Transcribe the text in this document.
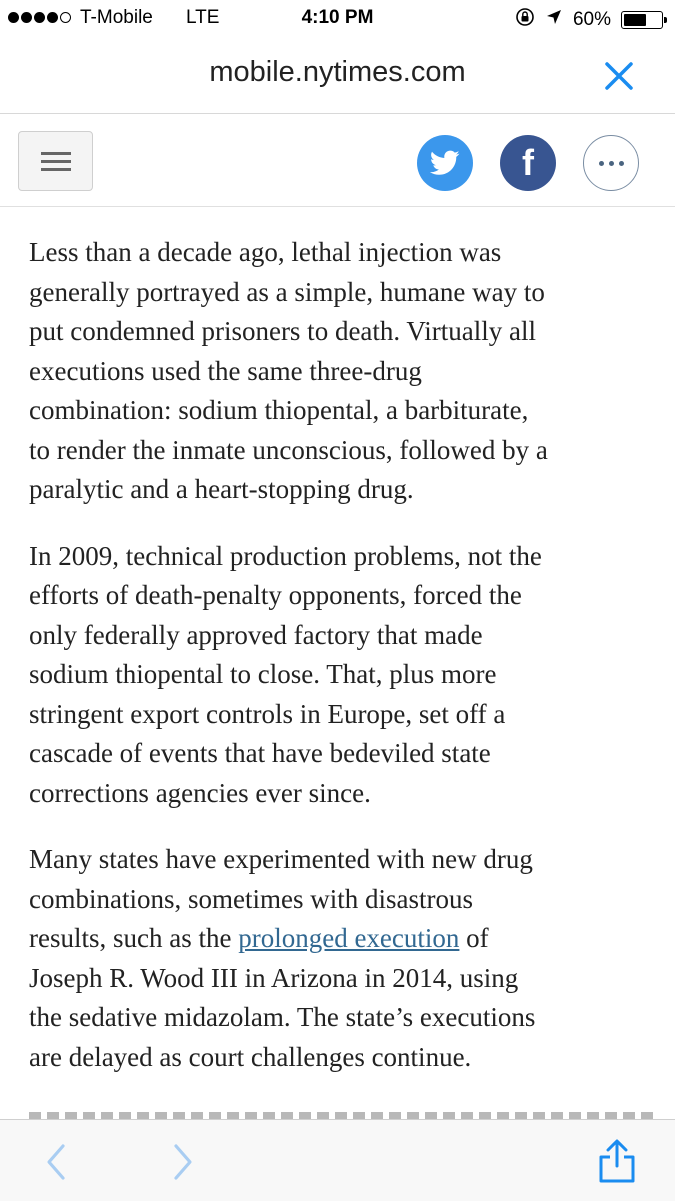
T-Mobile LTE	4:10 PM	60%
mobile.nytimes.com
f

Less than a decade ago, lethal injection was
generally portrayed as a simple, humane way to
put condemned prisoners to death. Virtually all
executions used the same three-drug
combination: sodium thiopental, a barbiturate,
to render the inmate unconscious, followed by a
paralytic and a heart-stopping drug.

In 2009, technical production problems, not the
efforts of death-penalty opponents, forced the
only federally approved factory that made
sodium thiopental to close. That, plus more
stringent export controls in Europe, set off a
cascade of events that have bedeviled state
corrections agencies ever since.

Many states have experimented with new drug
combinations, sometimes with disastrous
results, such as the prolonged execution of
Joseph R. Wood III in Arizona in 2014, using
the sedative midazolam. The state’s executions
are delayed as court challenges continue.
